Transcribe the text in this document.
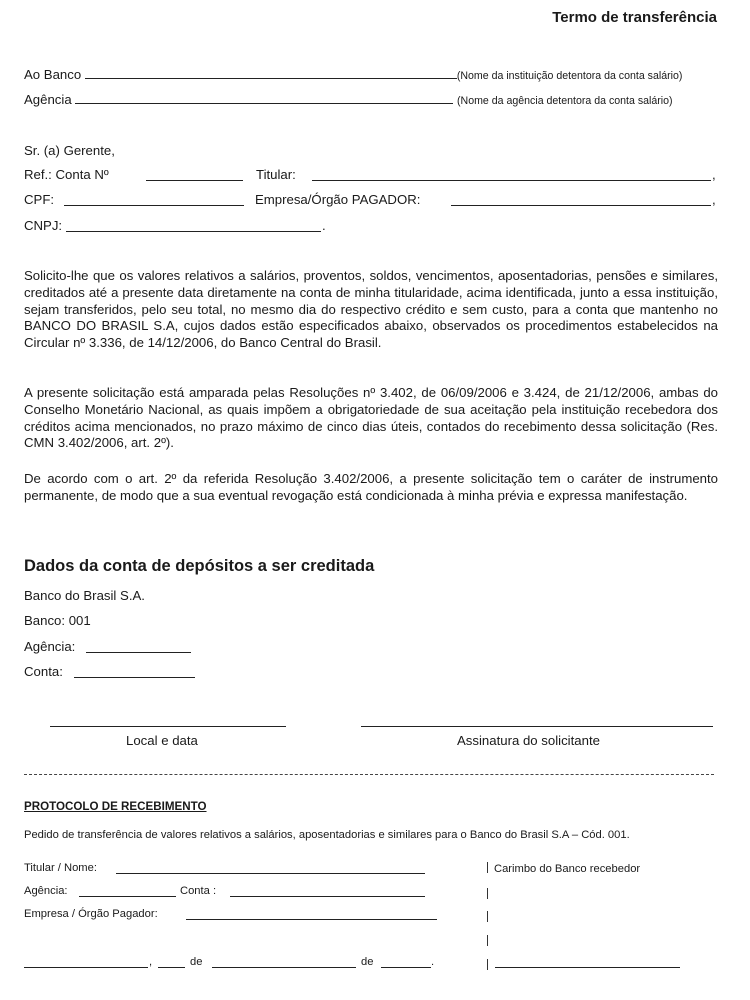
Termo de transferência
Ao Banco	(Nome da instituição detentora da conta salário)
Agência	(Nome da agência detentora da conta salário)
Sr. (a) Gerente,
Ref.: Conta Nº	Titular:	,
CPF:	Empresa/Órgão PAGADOR:	,
CNPJ:	.
Solicito-lhe que os valores relativos a salários, proventos, soldos, vencimentos, aposentadorias, pensões e similares, creditados até a presente data diretamente na conta de minha titularidade, acima identificada, junto a essa instituição, sejam transferidos, pelo seu total, no mesmo dia do respectivo crédito e sem custo, para a conta que mantenho no BANCO DO BRASIL S.A, cujos dados estão especificados abaixo, observados os procedimentos estabelecidos na Circular nº 3.336, de 14/12/2006, do Banco Central do Brasil.
A presente solicitação está amparada pelas Resoluções nº 3.402, de 06/09/2006 e 3.424, de 21/12/2006, ambas do Conselho Monetário Nacional, as quais impõem a obrigatoriedade de sua aceitação pela instituição recebedora dos créditos acima mencionados, no prazo máximo de cinco dias úteis, contados do recebimento dessa solicitação (Res. CMN 3.402/2006, art. 2º).
De acordo com o art. 2º da referida Resolução 3.402/2006, a presente solicitação tem o caráter de instrumento permanente, de modo que a sua eventual revogação está condicionada à minha prévia e expressa manifestação.
Dados da conta de depósitos a ser creditada
Banco do Brasil S.A.
Banco: 001
Agência:
Conta:
Local e data	Assinatura do solicitante
PROTOCOLO DE RECEBIMENTO
Pedido de transferência de valores relativos a salários, aposentadorias e similares para o Banco do Brasil S.A – Cód. 001.
Titular / Nome:
Agência:	Conta :
Empresa / Órgão Pagador:
,	de	de	.
Carimbo do Banco recebedor
